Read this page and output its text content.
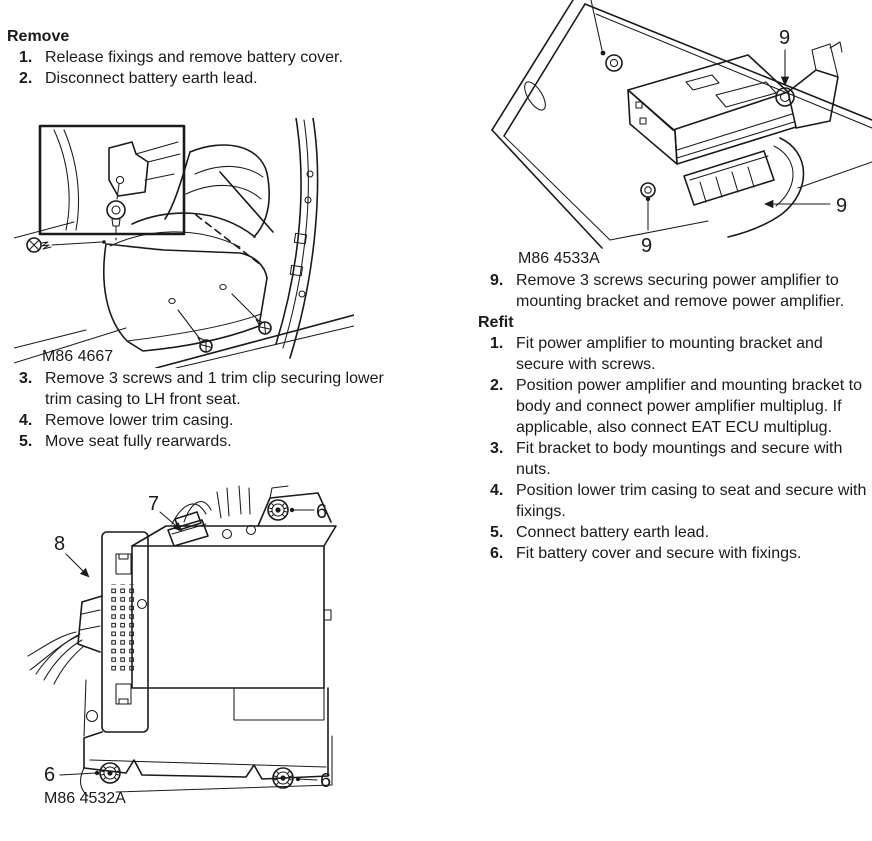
Remove
1. Release fixings and remove battery cover.
2. Disconnect battery earth lead.
M86 4667
3. Remove 3 screws and 1 trim clip securing lower trim casing to LH front seat.
4. Remove lower trim casing.
5. Move seat fully rearwards.
7
8
6
6	6
M86 4532A
9
9
9
M86 4533A
9. Remove 3 screws securing power amplifier to mounting bracket and remove power amplifier.
Refit
1. Fit power amplifier to mounting bracket and secure with screws.
2. Position power amplifier and mounting bracket to body and connect power amplifier multiplug. If applicable, also connect EAT ECU multiplug.
3. Fit bracket to body mountings and secure with nuts.
4. Position lower trim casing to seat and secure with fixings.
5. Connect battery earth lead.
6. Fit battery cover and secure with fixings.
